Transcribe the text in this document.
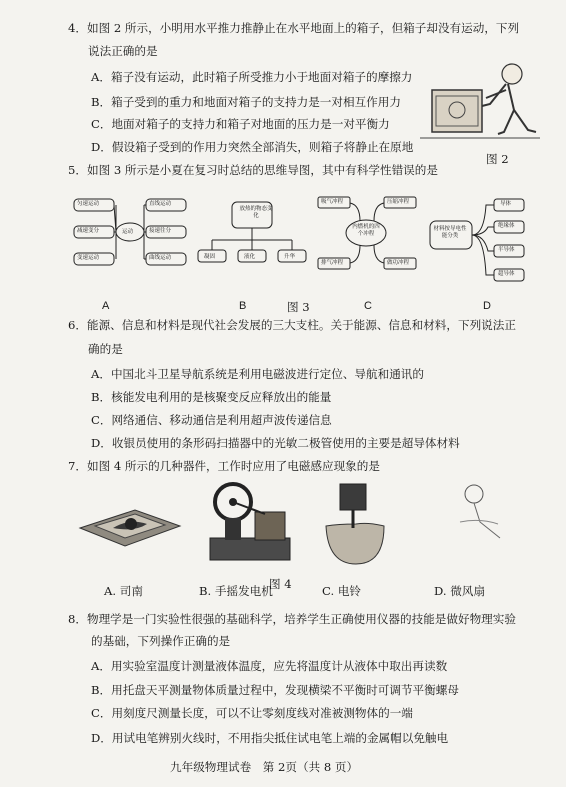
4．如图 2 所示，小明用水平推力推静止在水平地面上的箱子，但箱子却没有运动，下列
说法正确的是
A．箱子没有运动，此时箱子所受推力小于地面对箱子的摩擦力
B．箱子受到的重力和地面对箱子的支持力是一对相互作用力
C．地面对箱子的支持力和箱子对地面的压力是一对平衡力
D．假设箱子受到的作用力突然全部消失，则箱子将静止在原地
图 2
5．如图 3 所示是小夏在复习时总结的思维导图，其中有科学性错误的是
匀速运动
减速变分
变速运动
运动
直线运动
接速往分
曲线运动
放热的物态变化
凝固	液化	升华
吸气冲程	压缩冲程
排气冲程	做功冲程
内燃机的四个冲程
材料按导电性能分类
导体
绝缘体
半导体
超导体
A	B	图 3	C	D
6．能源、信息和材料是现代社会发展的三大支柱。关于能源、信息和材料，下列说法正
确的是
A．中国北斗卫星导航系统是利用电磁波进行定位、导航和通讯的
B．核能发电利用的是核聚变反应释放出的能量
C．网络通信、移动通信是利用超声波传递信息
D．收银员使用的条形码扫描器中的光敏二极管使用的主要是超导体材料
7．如图 4 所示的几种器件，工作时应用了电磁感应现象的是
图 4
A. 司南	B. 手摇发电机	C. 电铃	D. 微风扇
8．物理学是一门实验性很强的基础科学，培养学生正确使用仪器的技能是做好物理实验
的基础，下列操作正确的是
A．用实验室温度计测量液体温度，应先将温度计从液体中取出再读数
B．用托盘天平测量物体质量过程中，发现横梁不平衡时可调节平衡螺母
C．用刻度尺测量长度，可以不让零刻度线对准被测物体的一端
D．用试电笔辨别火线时，不用指尖抵住试电笔上端的金属帽以免触电
九年级物理试卷　第 2页（共 8 页）
